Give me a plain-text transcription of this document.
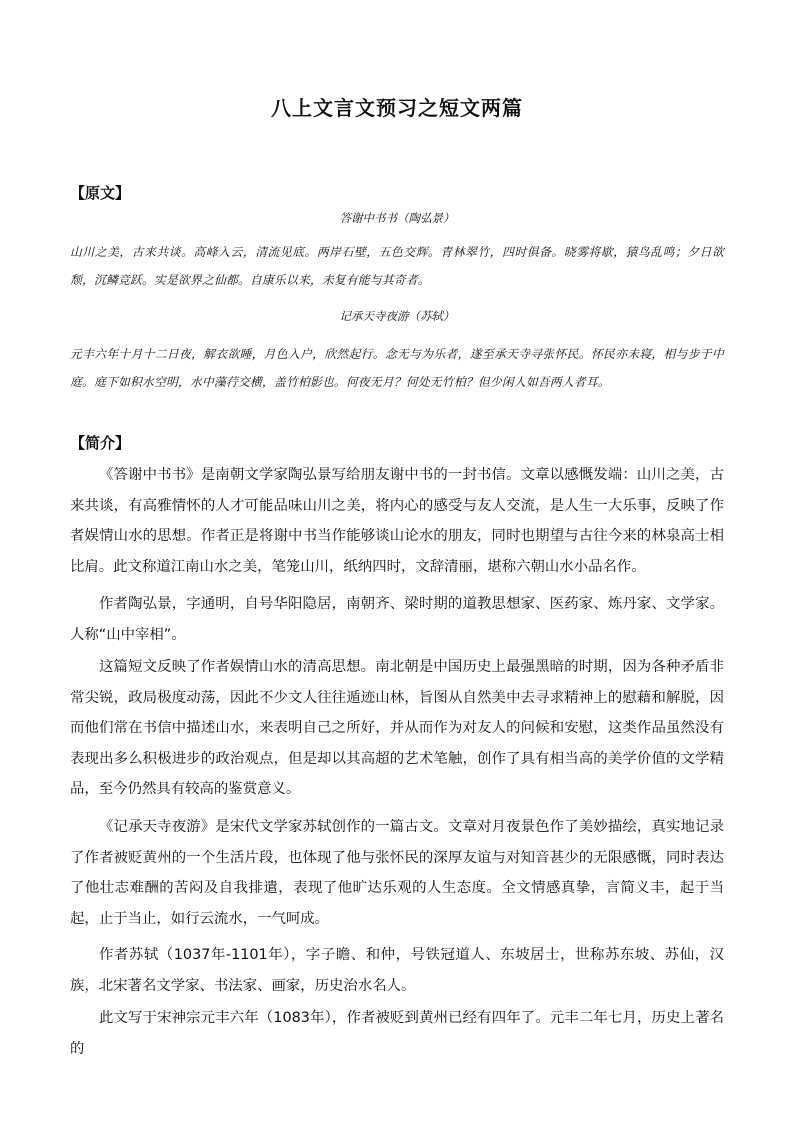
八上文言文预习之短文两篇
【原文】
答谢中书书（陶弘景）
山川之美，古来共谈。高峰入云，清流见底。两岸石壁，五色交辉。青林翠竹，四时俱备。晓雾将歇，猿鸟乱鸣；夕日欲颓，沉鳞竞跃。实是欲界之仙都。自康乐以来，未复有能与其奇者。
记承天寺夜游（苏轼）
元丰六年十月十二日夜，解衣欲睡，月色入户，欣然起行。念无与为乐者，遂至承天寺寻张怀民。怀民亦未寝，相与步于中庭。庭下如积水空明，水中藻荇交横，盖竹柏影也。何夜无月？何处无竹柏？但少闲人如吾两人者耳。
【简介】

《答谢中书书》是南朝文学家陶弘景写给朋友谢中书的一封书信。文章以感慨发端：山川之美，古来共谈，有高雅情怀的人才可能品味山川之美，将内心的感受与友人交流，是人生一大乐事，反映了作者娱情山水的思想。作者正是将谢中书当作能够谈山论水的朋友，同时也期望与古往今来的林泉高士相比肩。此文称道江南山水之美，笔笼山川，纸纳四时，文辞清丽，堪称六朝山水小品名作。

作者陶弘景，字通明，自号华阳隐居，南朝齐、梁时期的道教思想家、医药家、炼丹家、文学家。人称“山中宰相”。

这篇短文反映了作者娱情山水的清高思想。南北朝是中国历史上最强黑暗的时期，因为各种矛盾非常尖锐，政局极度动荡，因此不少文人往往遁迹山林，旨图从自然美中去寻求精神上的慰藉和解脱，因而他们常在书信中描述山水，来表明自己之所好，并从而作为对友人的问候和安慰，这类作品虽然没有表现出多么积极进步的政治观点，但是却以其高超的艺术笔触，创作了具有相当高的美学价值的文学精品，至今仍然具有较高的鉴赏意义。

《记承天寺夜游》是宋代文学家苏轼创作的一篇古文。文章对月夜景色作了美妙描绘，真实地记录了作者被贬黄州的一个生活片段，也体现了他与张怀民的深厚友谊与对知音甚少的无限感慨，同时表达了他壮志难酬的苦闷及自我排遣，表现了他旷达乐观的人生态度。全文情感真挚，言简义丰，起于当起，止于当止，如行云流水，一气呵成。

作者苏轼（1037年-1101年），字子瞻、和仲，号铁冠道人、东坡居士，世称苏东坡、苏仙，汉族，北宋著名文学家、书法家、画家，历史治水名人。

此文写于宋神宗元丰六年（1083年），作者被贬到黄州已经有四年了。元丰二年七月，历史上著名的
